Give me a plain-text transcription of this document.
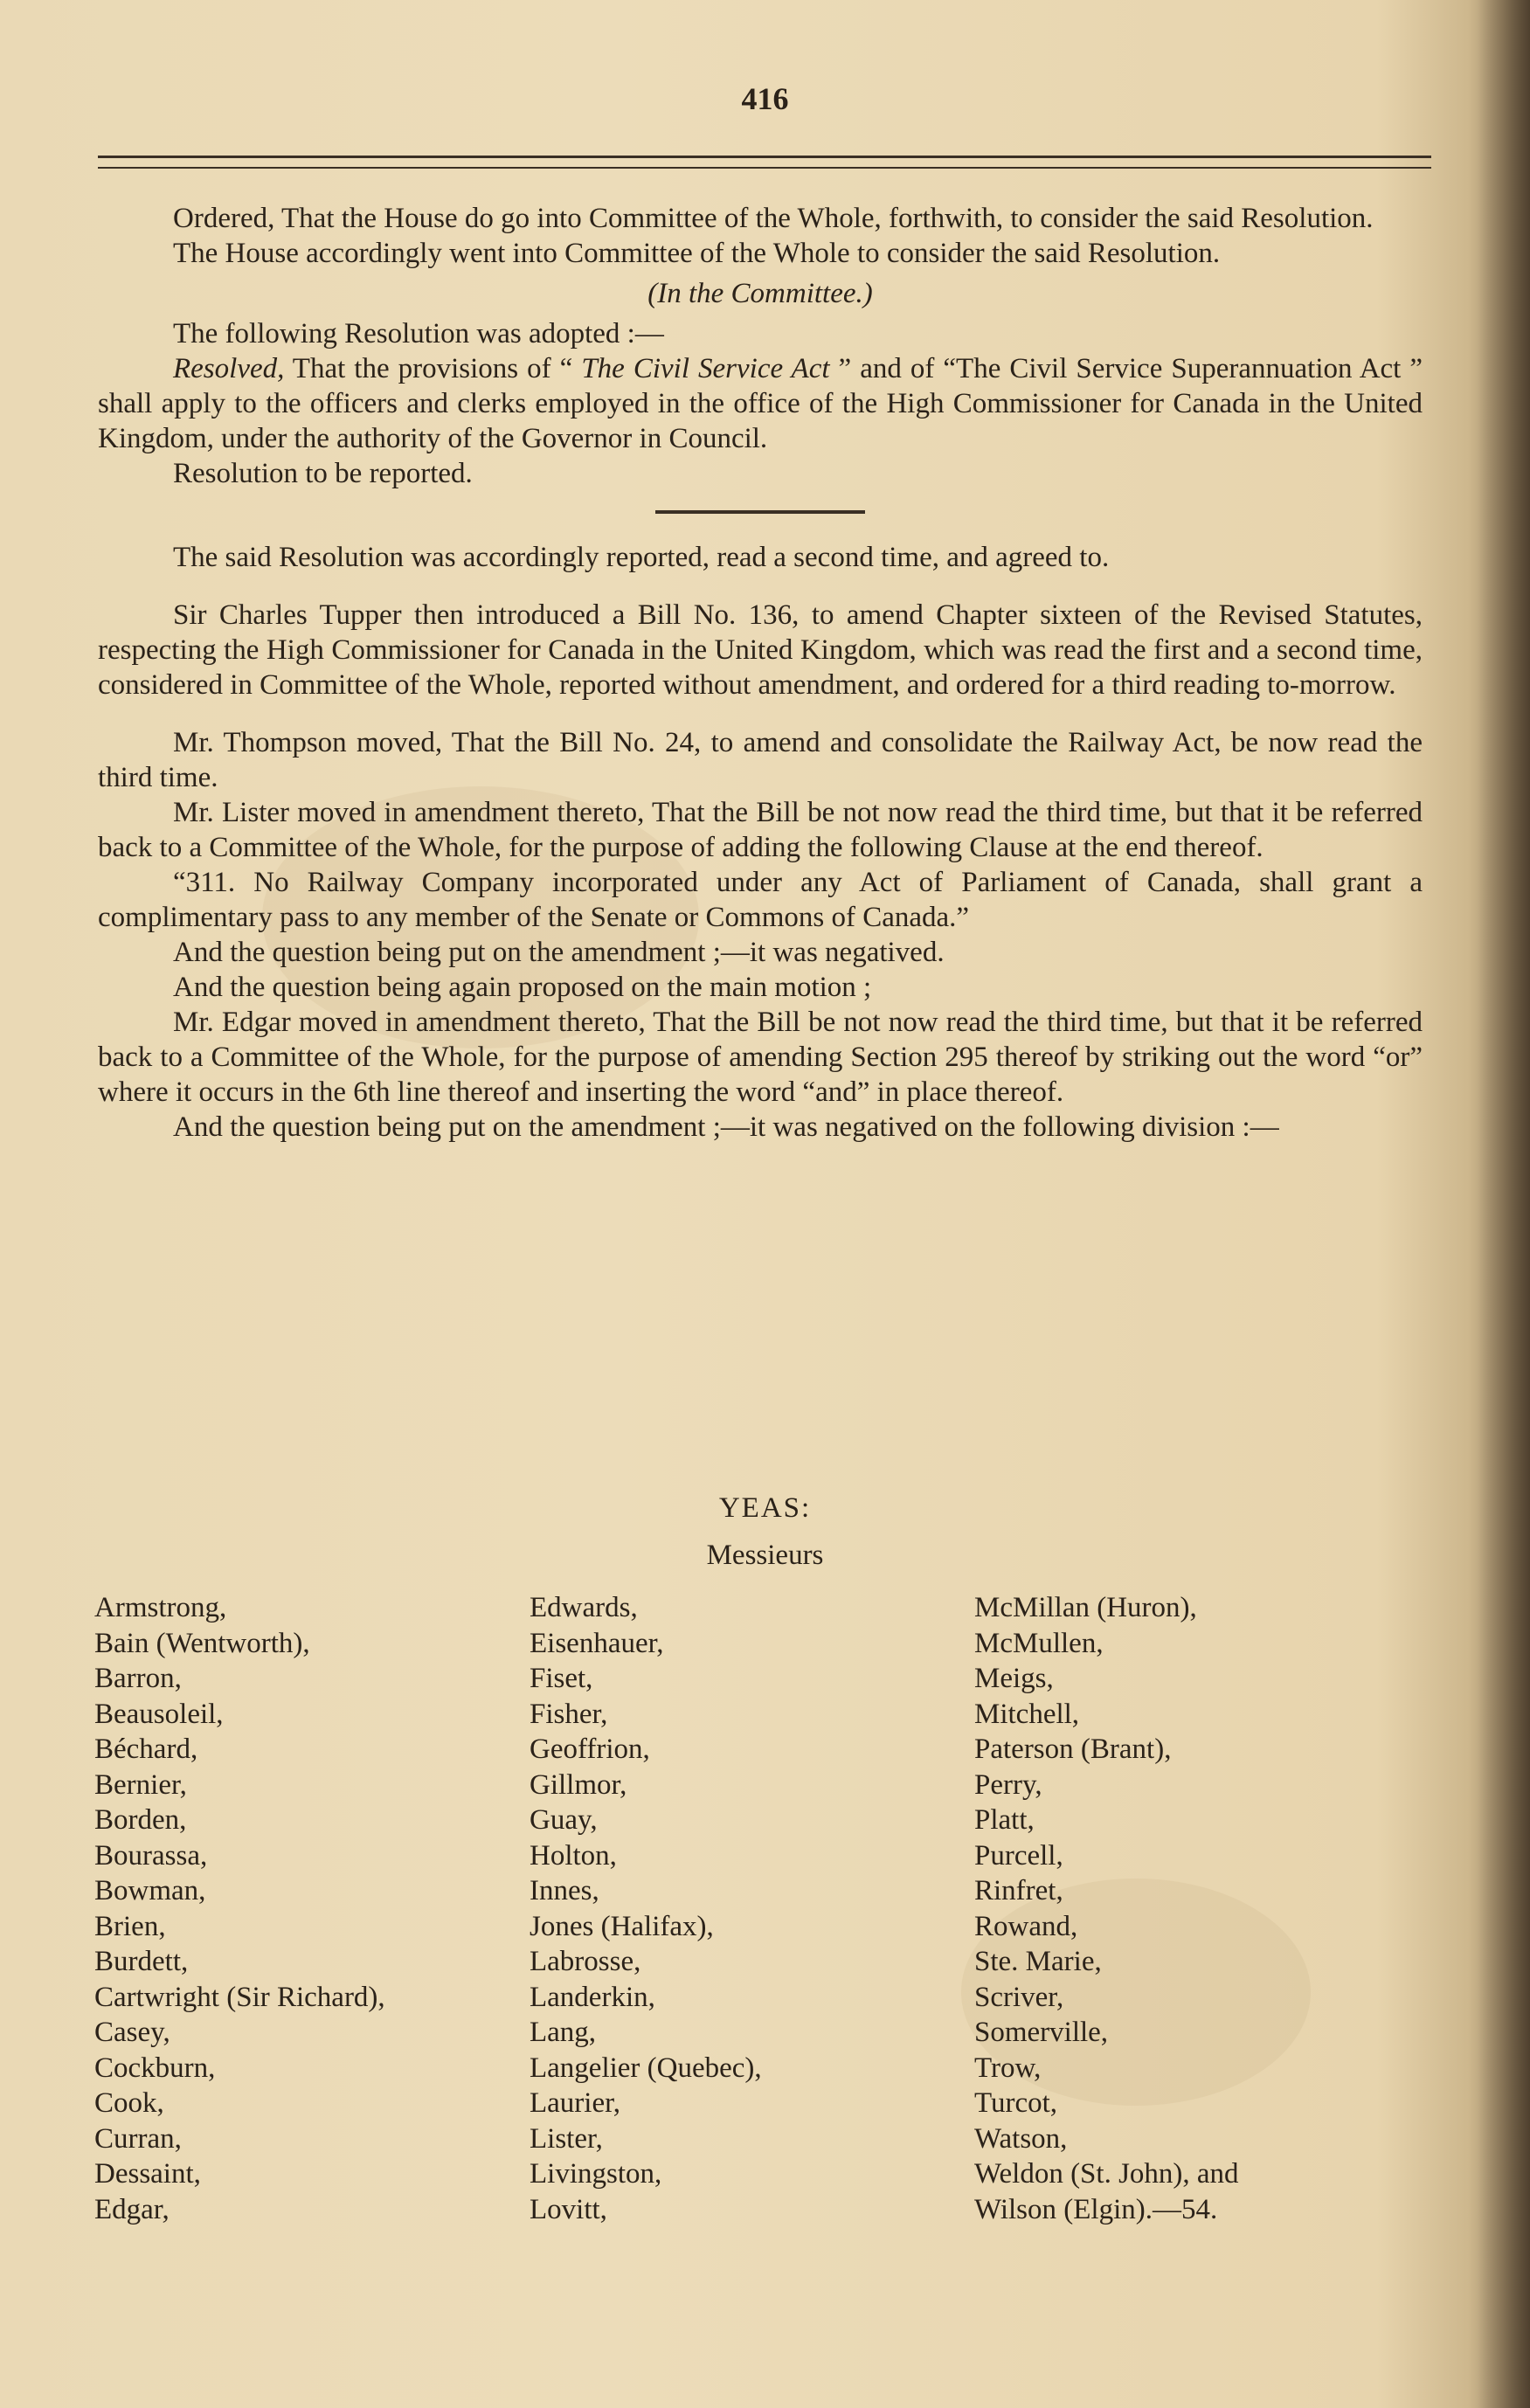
416

Ordered, That the House do go into Committee of the Whole, forthwith, to consider the said Resolution.

The House accordingly went into Committee of the Whole to consider the said Resolution.

(In the Committee.)

The following Resolution was adopted :—

Resolved, That the provisions of “ The Civil Service Act ” and of “The Civil Service Superannuation Act ” shall apply to the officers and clerks employed in the office of the High Commissioner for Canada in the United Kingdom, under the authority of the Governor in Council.

Resolution to be reported.

The said Resolution was accordingly reported, read a second time, and agreed to.

Sir Charles Tupper then introduced a Bill No. 136, to amend Chapter sixteen of the Revised Statutes, respecting the High Commissioner for Canada in the United Kingdom, which was read the first and a second time, considered in Committee of the Whole, reported without amendment, and ordered for a third reading to-morrow.

Mr. Thompson moved, That the Bill No. 24, to amend and consolidate the Railway Act, be now read the third time.

Mr. Lister moved in amendment thereto, That the Bill be not now read the third time, but that it be referred back to a Committee of the Whole, for the purpose of adding the following Clause at the end thereof.

“311. No Railway Company incorporated under any Act of Parliament of Canada, shall grant a complimentary pass to any member of the Senate or Commons of Canada.”

And the question being put on the amendment ;—it was negatived.

And the question being again proposed on the main motion ;

Mr. Edgar moved in amendment thereto, That the Bill be not now read the third time, but that it be referred back to a Committee of the Whole, for the purpose of amending Section 295 thereof by striking out the word “or” where it occurs in the 6th line thereof and inserting the word “and” in place thereof.

And the question being put on the amendment ;—it was negatived on the following division :—

YEAS:
Messieurs
Armstrong,
Bain (Wentworth),
Barron,
Beausoleil,
Béchard,
Bernier,
Borden,
Bourassa,
Bowman,
Brien,
Burdett,
Cartwright (Sir Richard),
Casey,
Cockburn,
Cook,
Curran,
Dessaint,
Edgar,
Edwards,
Eisenhauer,
Fiset,
Fisher,
Geoffrion,
Gillmor,
Guay,
Holton,
Innes,
Jones (Halifax),
Labrosse,
Landerkin,
Lang,
Langelier (Quebec),
Laurier,
Lister,
Livingston,
Lovitt,
McMillan (Huron),
McMullen,
Meigs,
Mitchell,
Paterson (Brant),
Perry,
Platt,
Purcell,
Rinfret,
Rowand,
Ste. Marie,
Scriver,
Somerville,
Trow,
Turcot,
Watson,
Weldon (St. John), and
Wilson (Elgin).—54.
